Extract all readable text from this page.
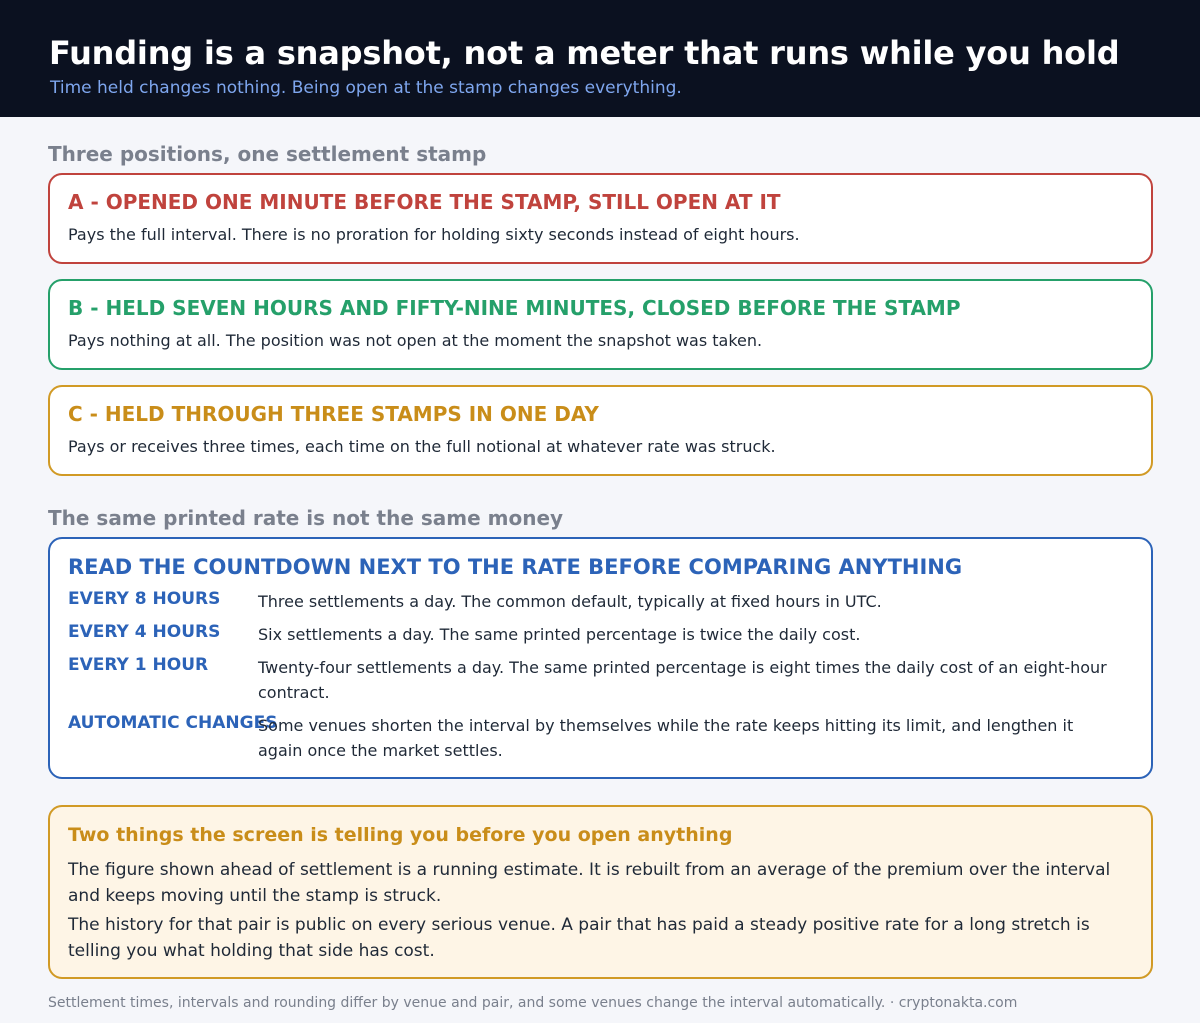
Funding is a snapshot, not a meter that runs while you hold
Time held changes nothing. Being open at the stamp changes everything.
Three positions, one settlement stamp
A - OPENED ONE MINUTE BEFORE THE STAMP, STILL OPEN AT IT
Pays the full interval. There is no proration for holding sixty seconds instead of eight hours.
B - HELD SEVEN HOURS AND FIFTY-NINE MINUTES, CLOSED BEFORE THE STAMP
Pays nothing at all. The position was not open at the moment the snapshot was taken.
C - HELD THROUGH THREE STAMPS IN ONE DAY
Pays or receives three times, each time on the full notional at whatever rate was struck.
The same printed rate is not the same money
READ THE COUNTDOWN NEXT TO THE RATE BEFORE COMPARING ANYTHING
EVERY 8 HOURS Three settlements a day. The common default, typically at fixed hours in UTC.
EVERY 4 HOURS Six settlements a day. The same printed percentage is twice the daily cost.
EVERY 1 HOUR	Twenty-four settlements a day. The same printed percentage is eight times the daily cost of an eight-hour contract.
AUTOMATIC CHANGES
Some venues shorten the interval by themselves while the rate keeps hitting its limit, and lengthen it again once the market settles.
Two things the screen is telling you before you open anything
The figure shown ahead of settlement is a running estimate. It is rebuilt from an average of the premium over the interval and keeps moving until the stamp is struck.
The history for that pair is public on every serious venue. A pair that has paid a steady positive rate for a long stretch is telling you what holding that side has cost.
Settlement times, intervals and rounding differ by venue and pair, and some venues change the interval automatically. · cryptonakta.com
